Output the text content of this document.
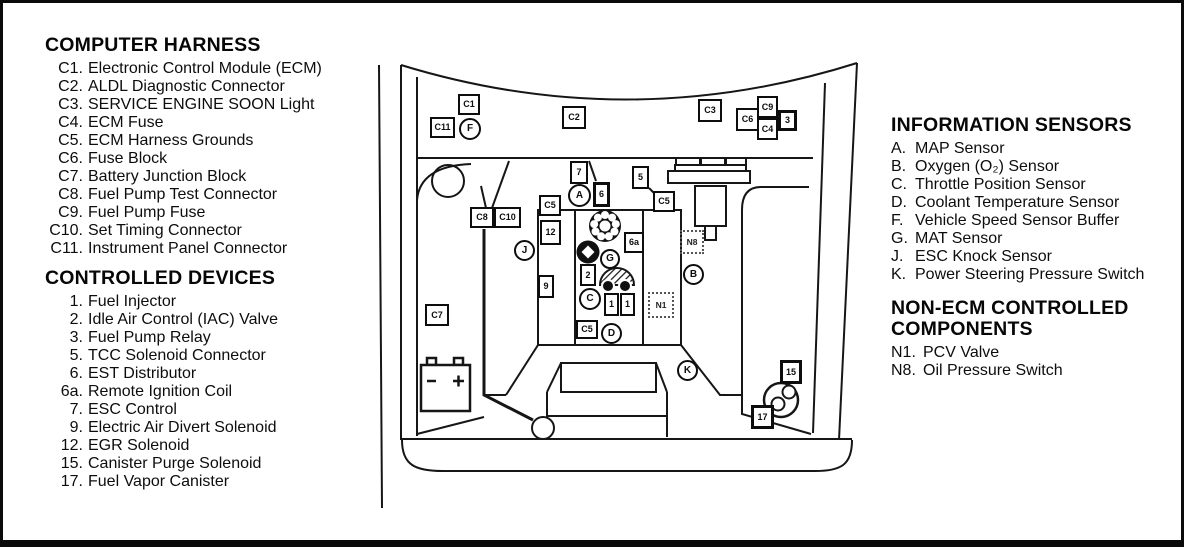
C1
C11	F
C2
C3
C6
C9
C4
3
7
A	6
5
C5	C5
C8	C10
12
J
6a	N8
G
2	B
9
C	1	1	N1
C5	D
C7
K	15
17
COMPUTER HARNESS
C1. Electronic Control Module (ECM)
C2. ALDL Diagnostic Connector
C3. SERVICE ENGINE SOON Light
C4. ECM Fuse
C5. ECM Harness Grounds
C6. Fuse Block
C7. Battery Junction Block
C8. Fuel Pump Test Connector
C9. Fuel Pump Fuse
C10. Set Timing Connector
C11. Instrument Panel Connector
CONTROLLED DEVICES
1. Fuel Injector
2. Idle Air Control (IAC) Valve
3. Fuel Pump Relay
5. TCC Solenoid Connector
6. EST Distributor
6a. Remote Ignition Coil
7. ESC Control
9. Electric Air Divert Solenoid
12. EGR Solenoid
15. Canister Purge Solenoid
17. Fuel Vapor Canister
INFORMATION SENSORS
A. MAP Sensor
B. Oxygen (O₂) Sensor
C. Throttle Position Sensor
D. Coolant Temperature Sensor
F. Vehicle Speed Sensor Buffer
G. MAT Sensor
J. ESC Knock Sensor
K. Power Steering Pressure Switch
NON-ECM CONTROLLED COMPONENTS
N1. PCV Valve
N8. Oil Pressure Switch
